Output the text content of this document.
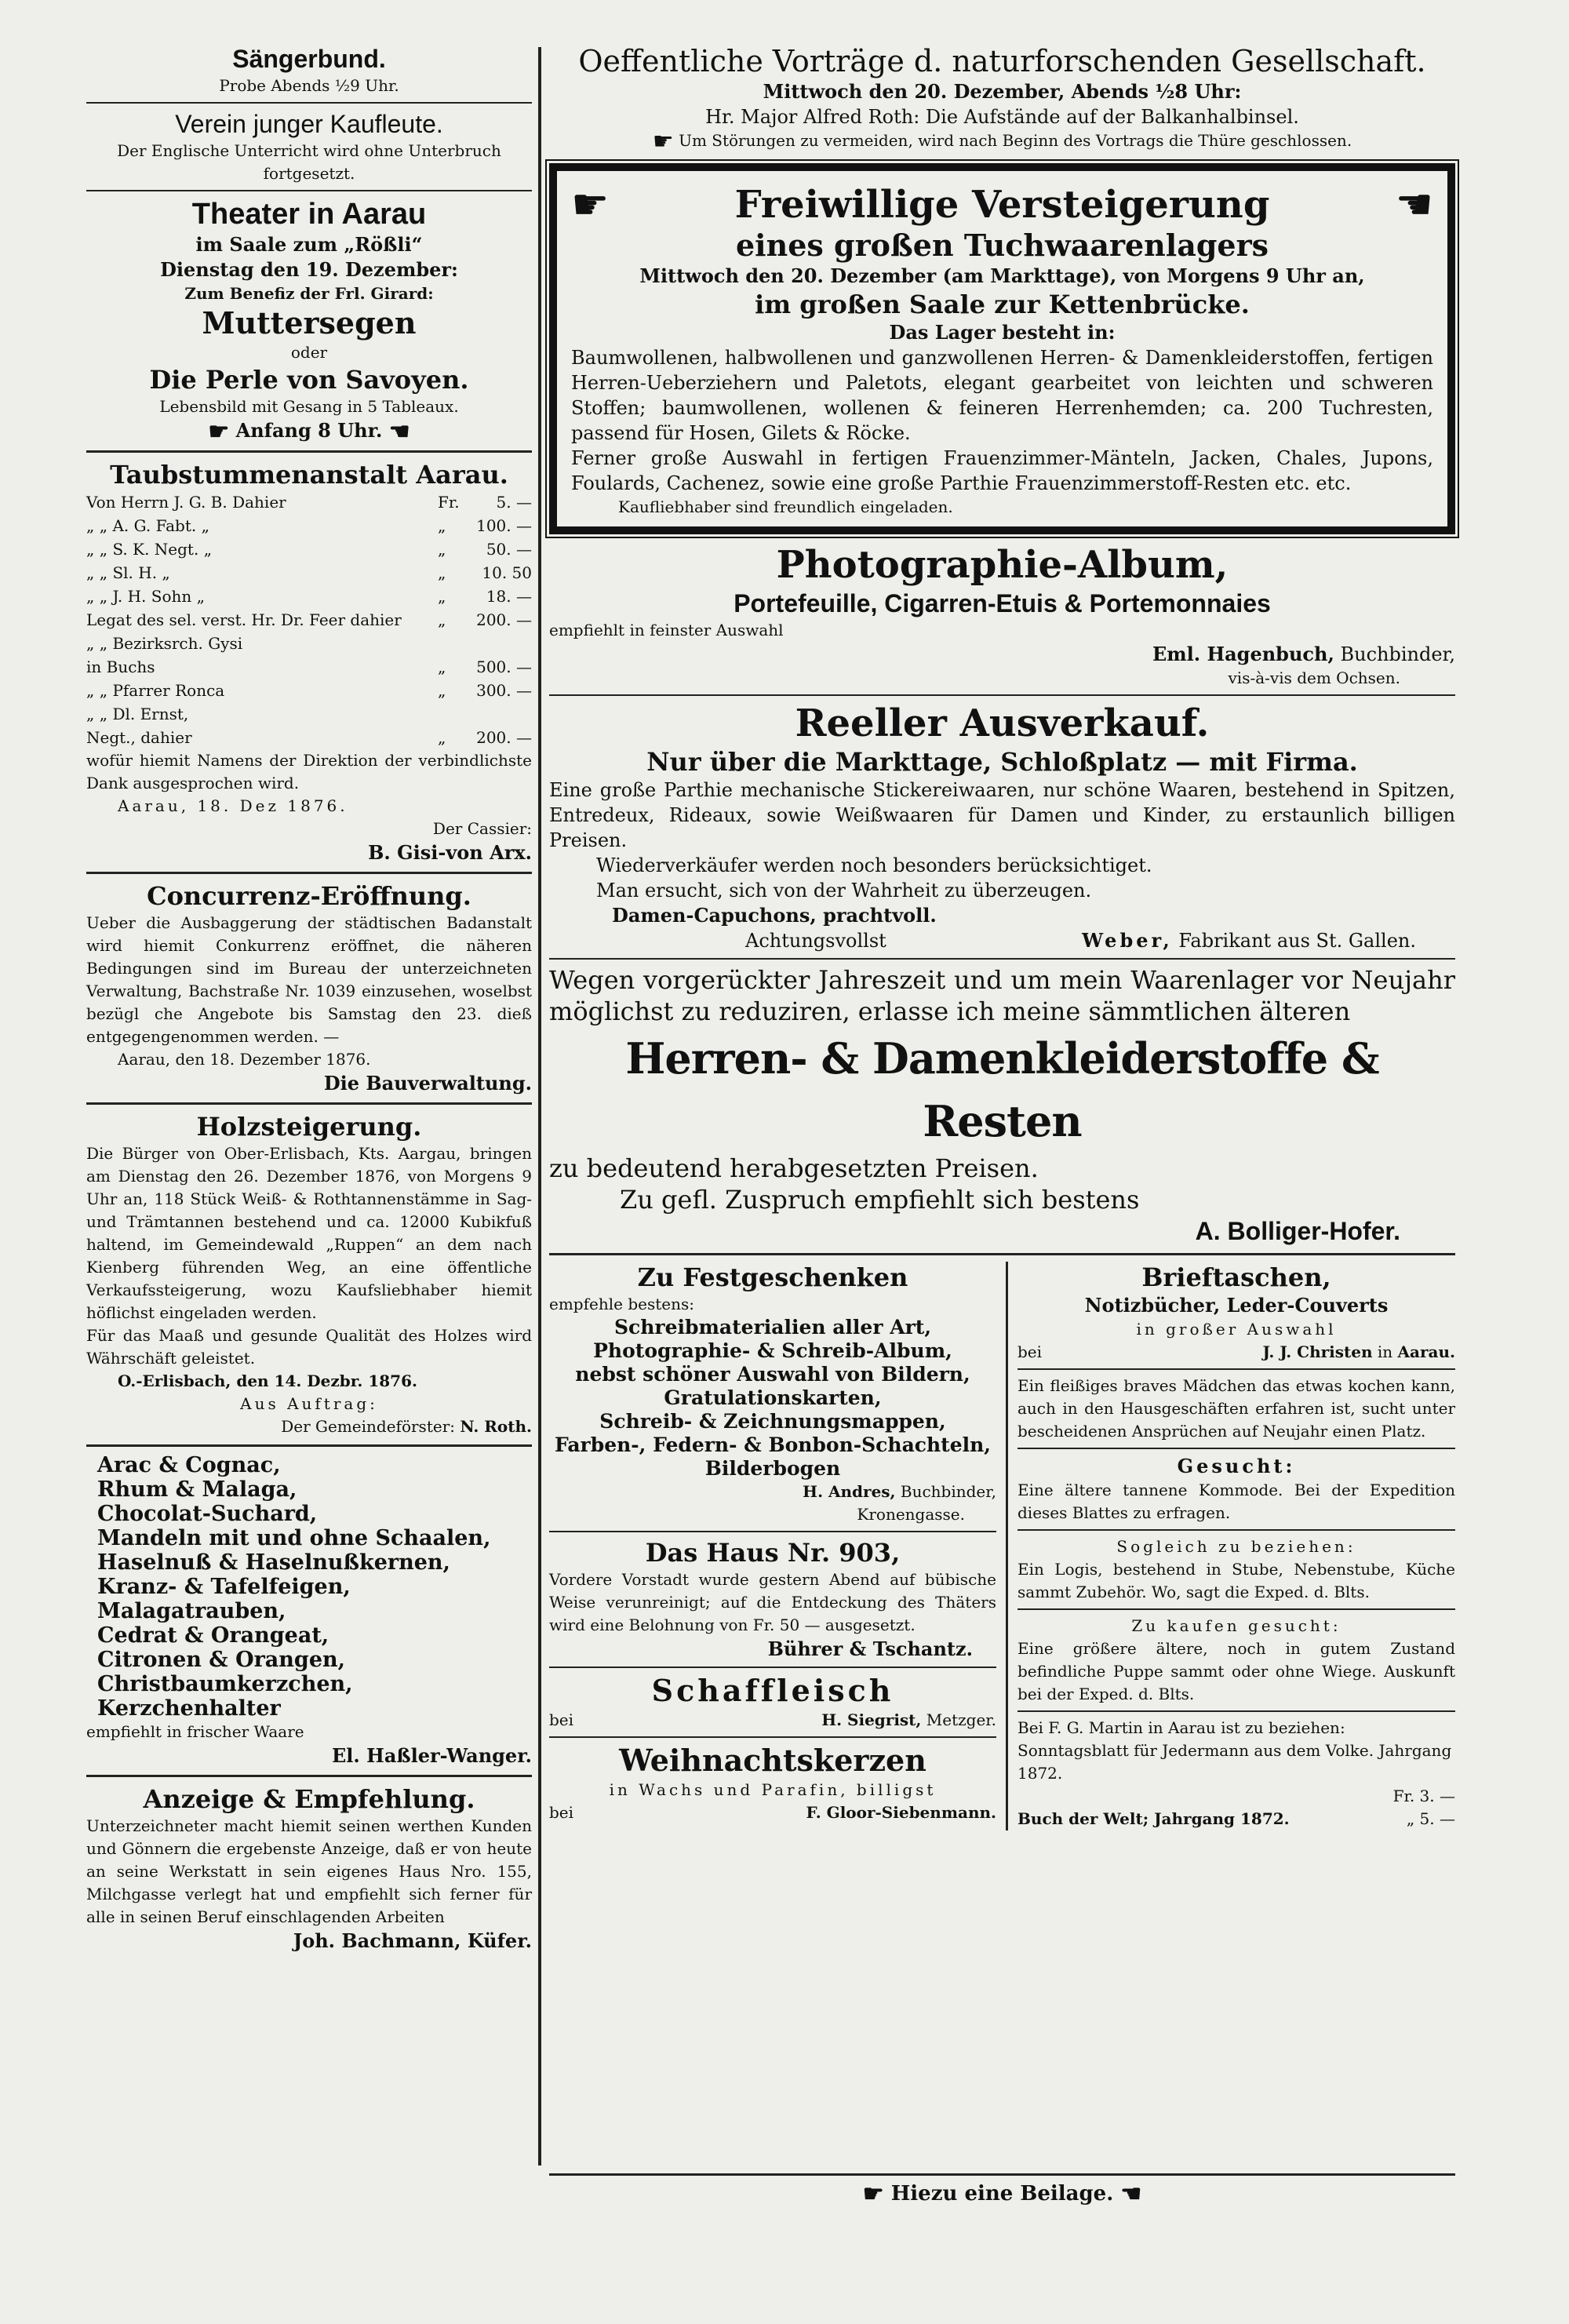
Sängerbund.
Probe Abends ½9 Uhr.
Verein junger Kaufleute.
Der Englische Unterricht wird ohne Unterbruch fortgesetzt.
Theater in Aarau
im Saale zum „Rößli“
Dienstag den 19. Dezember:
Zum Benefiz der Frl. Girard:
Muttersegen
oder
Die Perle von Savoyen.
Lebensbild mit Gesang in 5 Tableaux.
☛ Anfang 8 Uhr. ☚
Taubstummenanstalt Aarau.
Von Herrn J. G. B. Dahier	Fr.	5. —
„ „ A. G. Fabt. „	„	100. —
„ „ S. K. Negt. „	„	50. —
„ „ Sl. H. „	„	10. 50
„ „ J. H. Sohn „	„	18. —
Legat des sel. verst. Hr. Dr. Feer dahier	„	200. —
„ „ Bezirksrch. Gysi
in Buchs	„	500. —
„ „ Pfarrer Ronca	„	300. —
„ „ Dl. Ernst,
Negt., dahier	„	200. —
wofür hiemit Namens der Direktion der verbindlichste Dank ausgesprochen wird.
Aarau, 18. Dez 1876.
Der Cassier:
B. Gisi-von Arx.
Concurrenz-Eröffnung.
Ueber die Ausbaggerung der städtischen Badanstalt wird hiemit Conkurrenz eröffnet, die näheren Bedingungen sind im Bureau der unterzeichneten Verwaltung, Bachstraße Nr. 1039 einzusehen, woselbst bezügl che Angebote bis Samstag den 23. dieß entgegengenommen werden. —
Aarau, den 18. Dezember 1876.
Die Bauverwaltung.
Holzsteigerung.
Die Bürger von Ober-Erlisbach, Kts. Aargau, bringen am Dienstag den 26. Dezember 1876, von Morgens 9 Uhr an, 118 Stück Weiß- & Rothtannenstämme in Sag- und Trämtannen bestehend und ca. 12000 Kubikfuß haltend, im Gemeindewald „Ruppen“ an dem nach Kienberg führenden Weg, an eine öffentliche Verkaufssteigerung, wozu Kaufsliebhaber hiemit höflichst eingeladen werden.
Für das Maaß und gesunde Qualität des Holzes wird Währschäft geleistet.
O.-Erlisbach, den 14. Dezbr. 1876.
Aus Auftrag:
Der Gemeindeförster: N. Roth.
Arac & Cognac,
Rhum & Malaga,
Chocolat-Suchard,
Mandeln mit und ohne Schaalen,
Haselnuß & Haselnußkernen,
Kranz- & Tafelfeigen,
Malagatrauben,
Cedrat & Orangeat,
Citronen & Orangen,
Christbaumkerzchen,
Kerzchenhalter
empfiehlt in frischer Waare
El. Haßler-Wanger.
Anzeige & Empfehlung.
Unterzeichneter macht hiemit seinen werthen Kunden und Gönnern die ergebenste Anzeige, daß er von heute an seine Werkstatt in sein eigenes Haus Nro. 155, Milchgasse verlegt hat und empfiehlt sich ferner für alle in seinen Beruf einschlagenden Arbeiten
Joh. Bachmann, Küfer.
Oeffentliche Vorträge d. naturforschenden Gesellschaft.
Mittwoch den 20. Dezember, Abends ½8 Uhr:
Hr. Major Alfred Roth: Die Aufstände auf der Balkanhalbinsel.
☛ Um Störungen zu vermeiden, wird nach Beginn des Vortrags die Thüre geschlossen.
☛	Freiwillige Versteigerung	☚
eines großen Tuchwaarenlagers
Mittwoch den 20. Dezember (am Markttage), von Morgens 9 Uhr an,
im großen Saale zur Kettenbrücke.
Das Lager besteht in:
Baumwollenen, halbwollenen und ganzwollenen Herren- & Damenkleiderstoffen, fertigen Herren-Ueberziehern und Paletots, elegant gearbeitet von leichten und schweren Stoffen; baumwollenen, wollenen & feineren Herrenhemden; ca. 200 Tuchresten, passend für Hosen, Gilets & Röcke.
Ferner große Auswahl in fertigen Frauenzimmer-Mänteln, Jacken, Chales, Jupons, Foulards, Cachenez, sowie eine große Parthie Frauenzimmerstoff-Resten etc. etc.
Kaufliebhaber sind freundlich eingeladen.
Photographie-Album,
Portefeuille, Cigarren-Etuis & Portemonnaies
empfiehlt in feinster Auswahl
Eml. Hagenbuch, Buchbinder,
vis-à-vis dem Ochsen.
Reeller Ausverkauf.
Nur über die Markttage, Schloßplatz — mit Firma.
Eine große Parthie mechanische Stickereiwaaren, nur schöne Waaren, bestehend in Spitzen, Entredeux, Rideaux, sowie Weißwaaren für Damen und Kinder, zu erstaunlich billigen Preisen.
Wiederverkäufer werden noch besonders berücksichtiget.
Man ersucht, sich von der Wahrheit zu überzeugen.
Damen-Capuchons, prachtvoll.
Achtungsvollst	Weber, Fabrikant aus St. Gallen.
Wegen vorgerückter Jahreszeit und um mein Waarenlager vor Neujahr möglichst zu reduziren, erlasse ich meine sämmtlichen älteren
Herren- & Damenkleiderstoffe & Resten
zu bedeutend herabgesetzten Preisen.
Zu gefl. Zuspruch empfiehlt sich bestens
A. Bolliger-Hofer.
Zu Festgeschenken
empfehle bestens:
Schreibmaterialien aller Art,
Photographie- & Schreib-Album,
nebst schöner Auswahl von Bildern,
Gratulationskarten,
Schreib- & Zeichnungsmappen,
Farben-, Federn- & Bonbon-Schachteln,
Bilderbogen
H. Andres, Buchbinder,
Kronengasse.
Das Haus Nr. 903,
Vordere Vorstadt wurde gestern Abend auf bübische Weise verunreinigt; auf die Entdeckung des Thäters wird eine Belohnung von Fr. 50 — ausgesetzt.
Bührer & Tschantz.
Schaffleisch
bei	H. Siegrist, Metzger.
Weihnachtskerzen
in Wachs und Parafin, billigst
bei	F. Gloor-Siebenmann.
Brieftaschen,
Notizbücher, Leder-Couverts
in großer Auswahl
bei	J. J. Christen in Aarau.
Ein fleißiges braves Mädchen das etwas kochen kann, auch in den Hausgeschäften erfahren ist, sucht unter bescheidenen Ansprüchen auf Neujahr einen Platz.
Gesucht:
Eine ältere tannene Kommode. Bei der Expedition dieses Blattes zu erfragen.
Sogleich zu beziehen:
Ein Logis, bestehend in Stube, Nebenstube, Küche sammt Zubehör. Wo, sagt die Exped. d. Blts.
Zu kaufen gesucht:
Eine größere ältere, noch in gutem Zustand befindliche Puppe sammt oder ohne Wiege. Auskunft bei der Exped. d. Blts.
Bei F. G. Martin in Aarau ist zu beziehen:
Sonntagsblatt für Jedermann aus dem Volke. Jahrgang 1872.
Fr. 3. —
Buch der Welt; Jahrgang 1872.	„ 5. —
☛ Hiezu eine Beilage. ☚
